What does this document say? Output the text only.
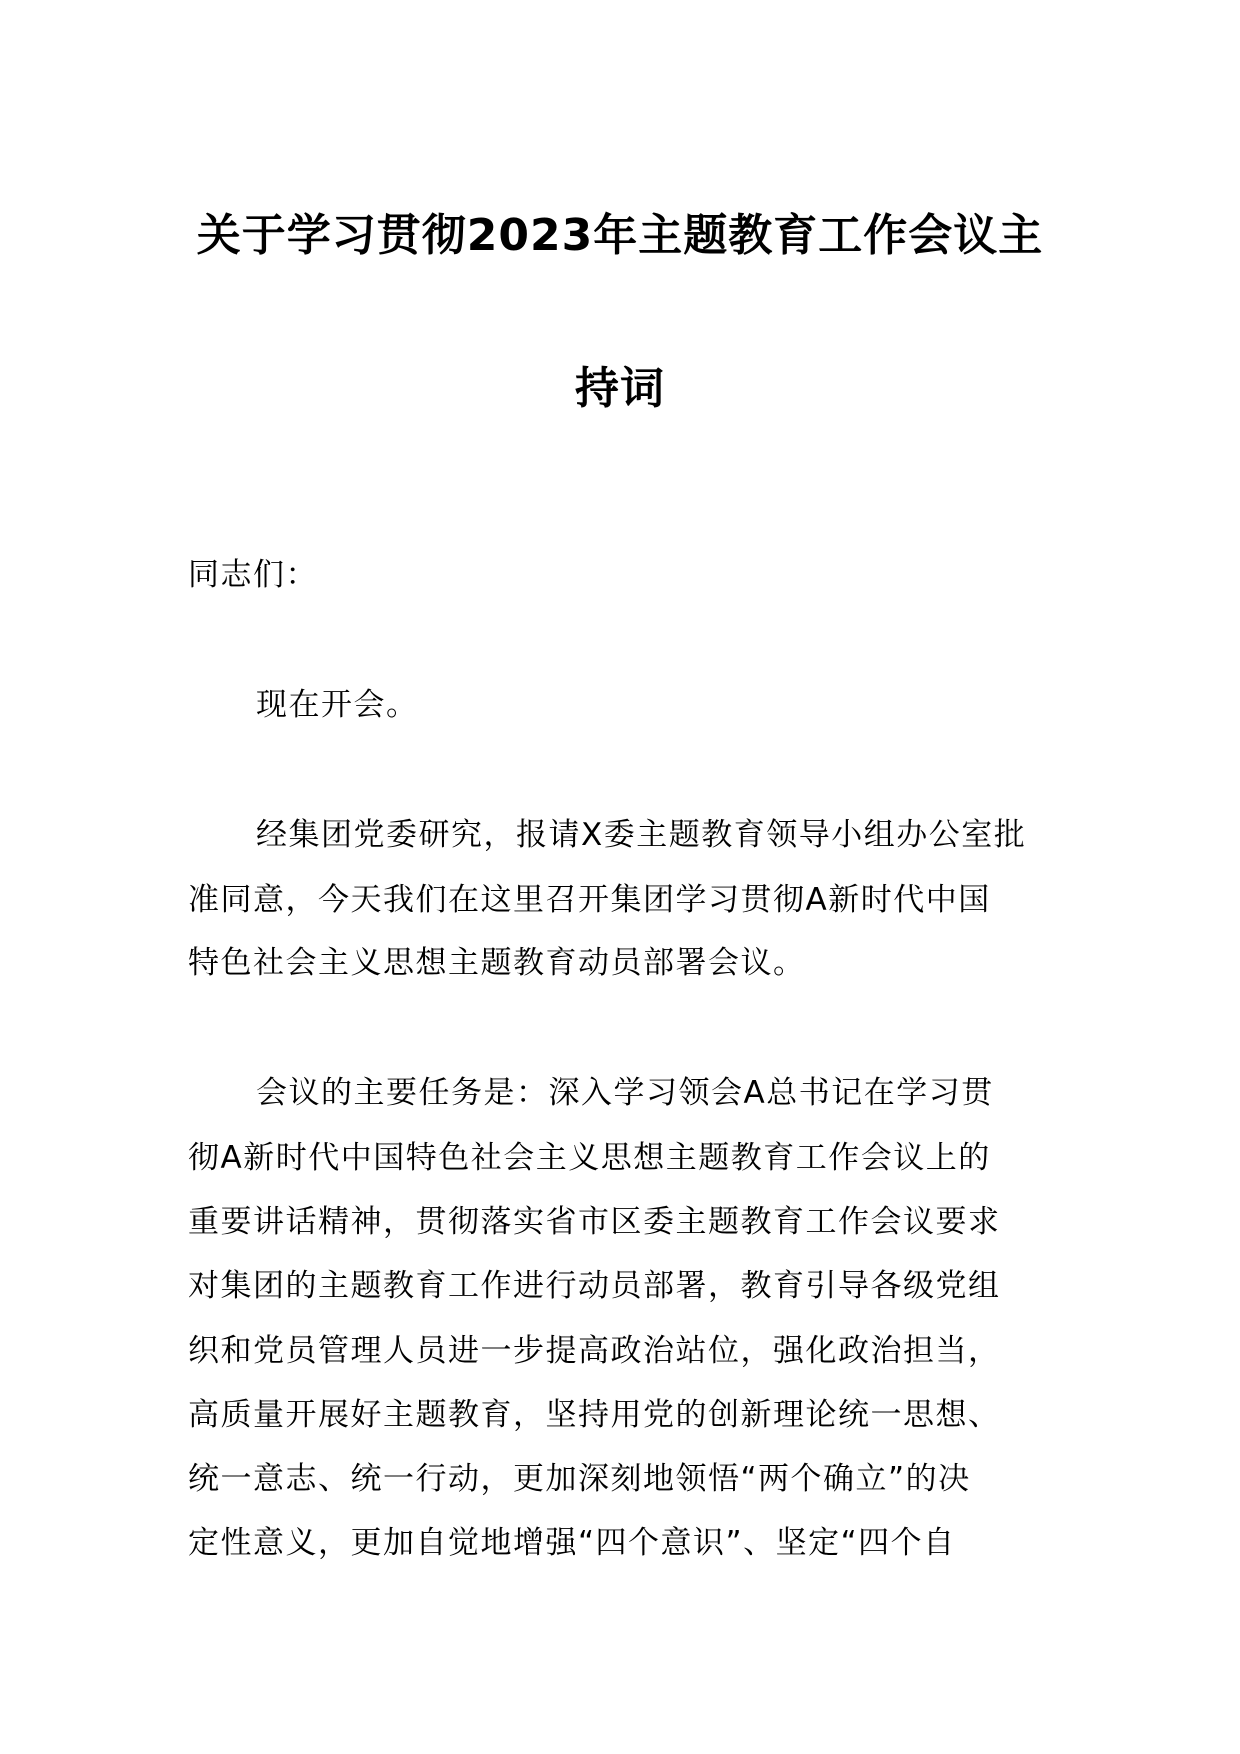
关于学习贯彻2023年主题教育工作会议主
持词
同志们：
现在开会。
经集团党委研究，报请X委主题教育领导小组办公室批
准同意，今天我们在这里召开集团学习贯彻A新时代中国
特色社会主义思想主题教育动员部署会议。
会议的主要任务是：深入学习领会A总书记在学习贯
彻A新时代中国特色社会主义思想主题教育工作会议上的
重要讲话精神，贯彻落实省市区委主题教育工作会议要求
对集团的主题教育工作进行动员部署，教育引导各级党组
织和党员管理人员进一步提高政治站位，强化政治担当，
高质量开展好主题教育，坚持用党的创新理论统一思想、
统一意志、统一行动，更加深刻地领悟“两个确立”的决
定性意义，更加自觉地增强“四个意识”、坚定“四个自
